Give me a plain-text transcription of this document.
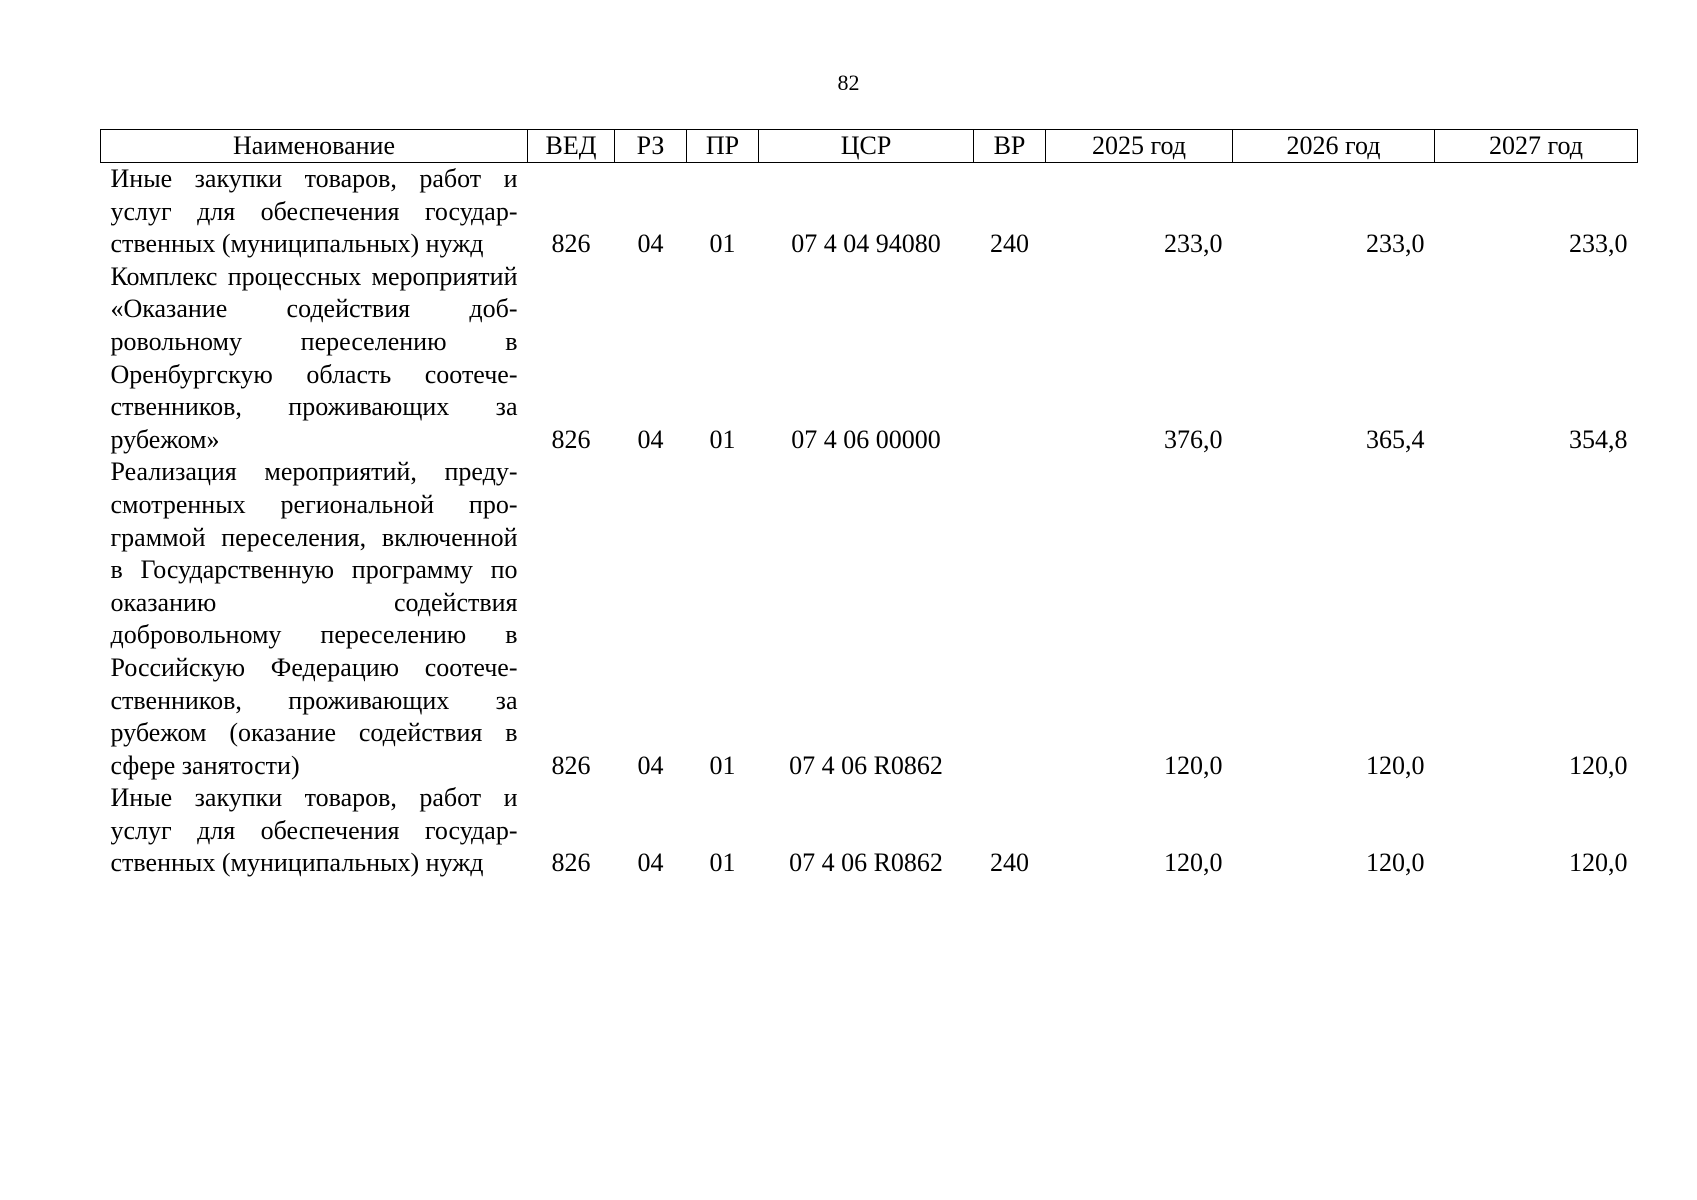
82
Наименование	ВЕД	РЗ	ПР	ЦСР	ВР	2025 год	2026 год	2027 год
Иные закупки товаров, работ и услуг для обеспечения государственных (муниципальных) нужд	826	04	01	07 4 04 94080	240	233,0	233,0	233,0
Комплекс процессных мероприятий «Оказание содействия добровольному переселению в Оренбургскую область соотечественников, проживающих за рубежом»	826	04	01	07 4 06 00000		376,0	365,4	354,8
Реализация мероприятий, предусмотренных региональной программой переселения, включенной в Государственную программу по оказанию содействия добровольному переселению в Российскую Федерацию соотечественников, проживающих за рубежом (оказание содействия в сфере занятости)	826	04	01	07 4 06 R0862		120,0	120,0	120,0
Иные закупки товаров, работ и услуг для обеспечения государственных (муниципальных) нужд	826	04	01	07 4 06 R0862	240	120,0	120,0	120,0
